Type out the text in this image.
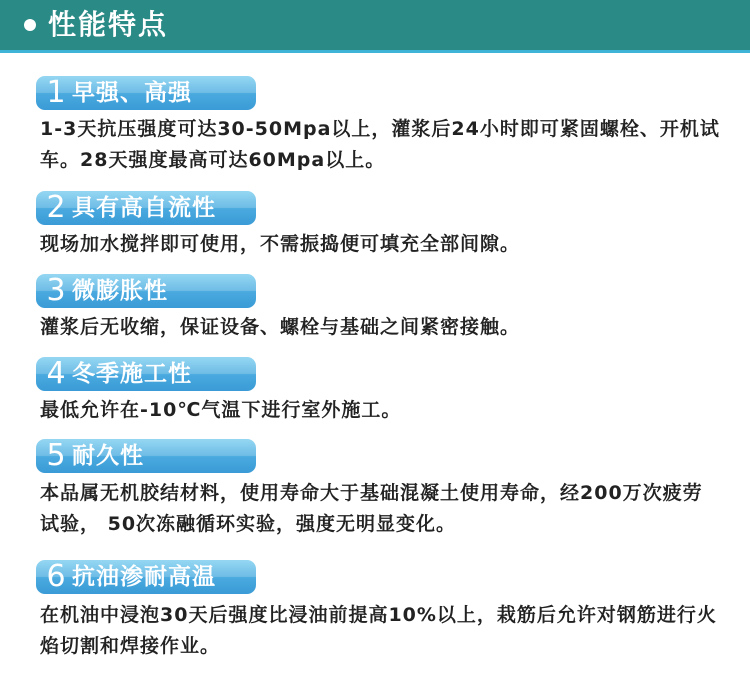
性能特点
1 早强、高强
1-3天抗压强度可达30-50Mpa以上，灌浆后24小时即可紧固螺栓、开机试车。28天强度最高可达60Mpa以上。
2 具有高自流性
现场加水搅拌即可使用，不需振捣便可填充全部间隙。
3 微膨胀性
灌浆后无收缩，保证设备、螺栓与基础之间紧密接触。
4 冬季施工性
最低允许在-10℃气温下进行室外施工。
5 耐久性
本品属无机胶结材料，使用寿命大于基础混凝土使用寿命，经200万次疲劳试验， 50次冻融循环实验，强度无明显变化。
6 抗油渗耐高温
在机油中浸泡30天后强度比浸油前提高10%以上，栽筋后允许对钢筋进行火焰切割和焊接作业。
